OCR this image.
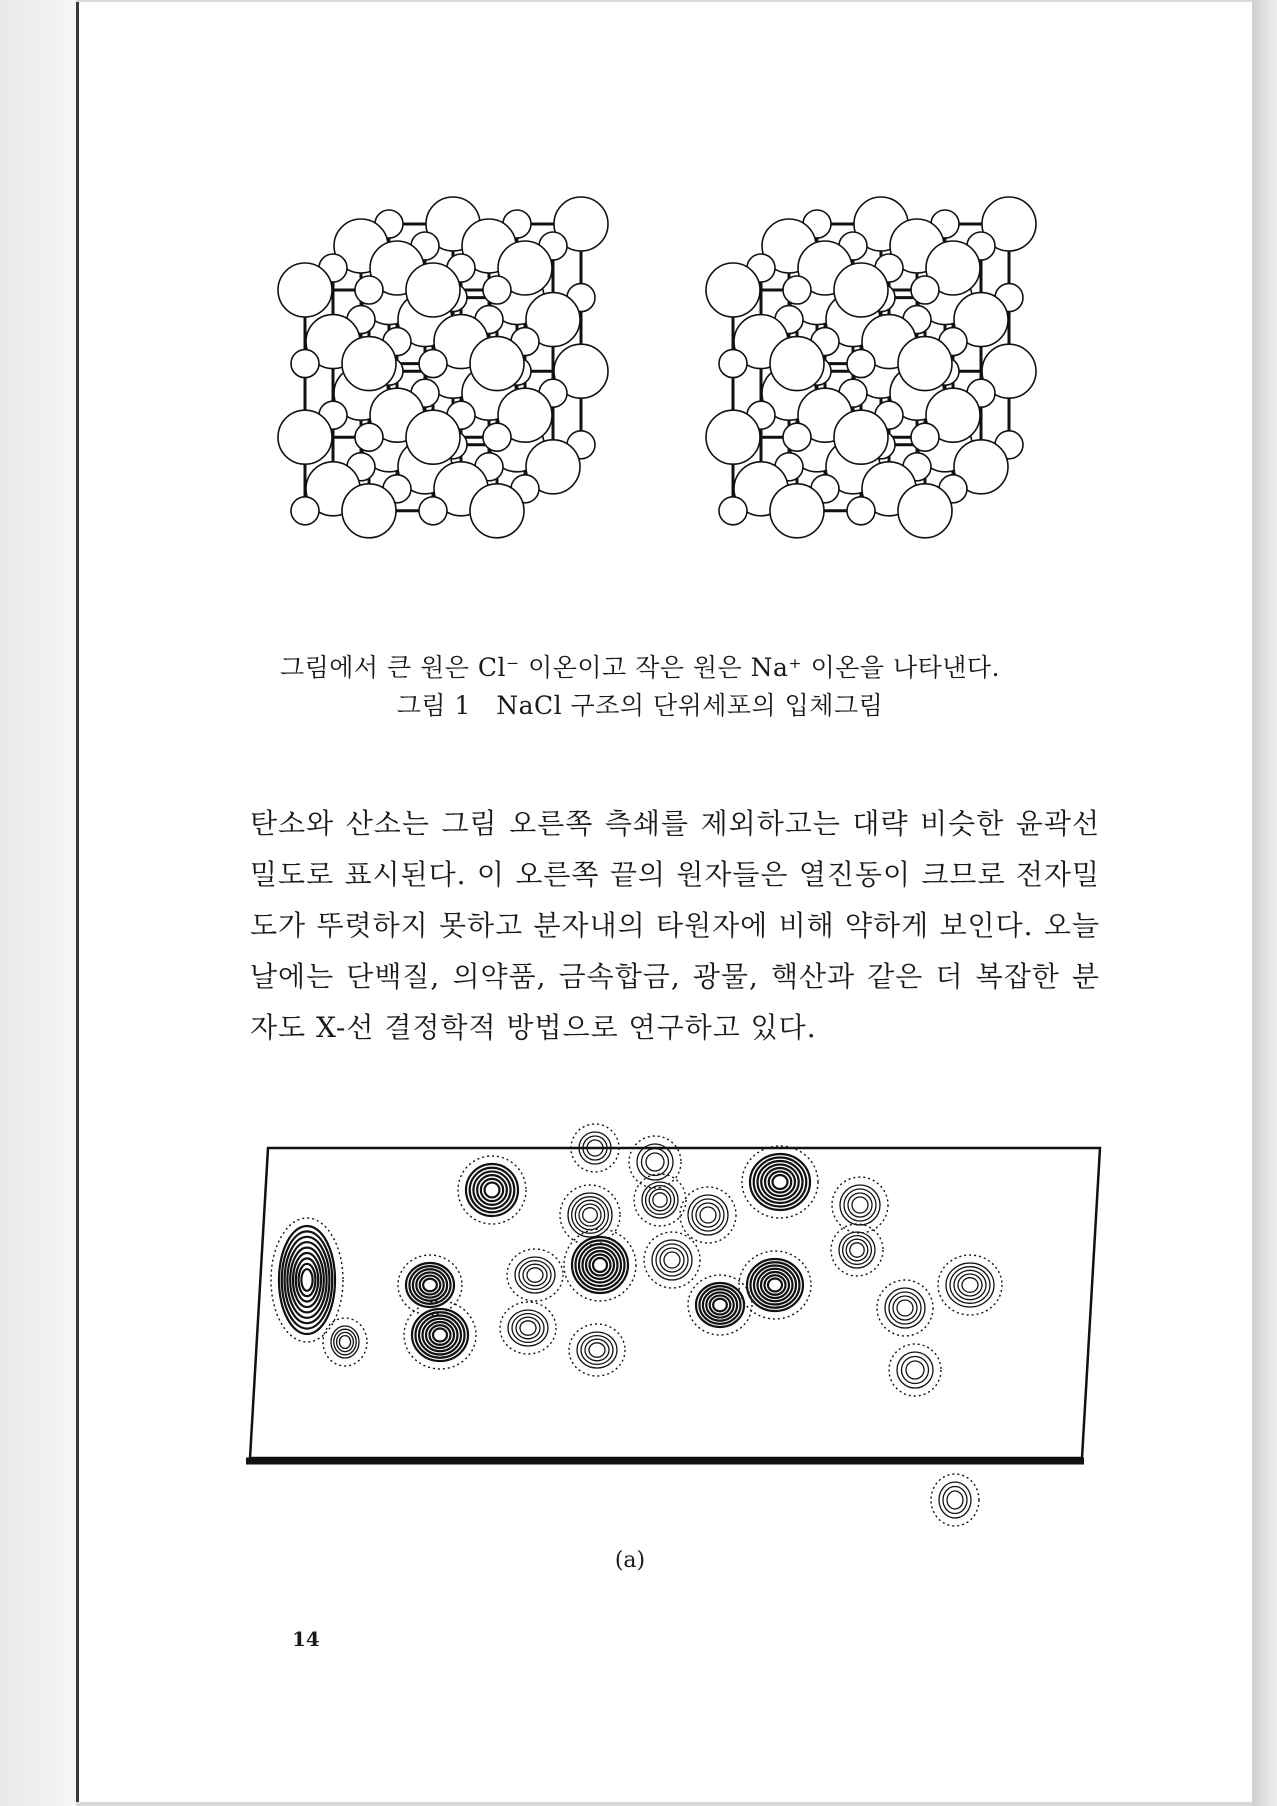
그림에서 큰 원은 Cl⁻ 이온이고 작은 원은 Na⁺ 이온을 나타낸다.
그림 1   NaCl 구조의 단위세포의 입체그림
탄소와 산소는 그림 오른쪽 측쇄를 제외하고는 대략 비슷한 윤곽선 밀도로 표시된다. 이 오른쪽 끝의 원자들은 열진동이 크므로 전자밀도가 뚜렷하지 못하고 분자내의 타원자에 비해 약하게 보인다. 오늘날에는 단백질, 의약품, 금속합금, 광물, 핵산과 같은 더 복잡한 분자도 X-선 결정학적 방법으로 연구하고 있다.
(a)
14
